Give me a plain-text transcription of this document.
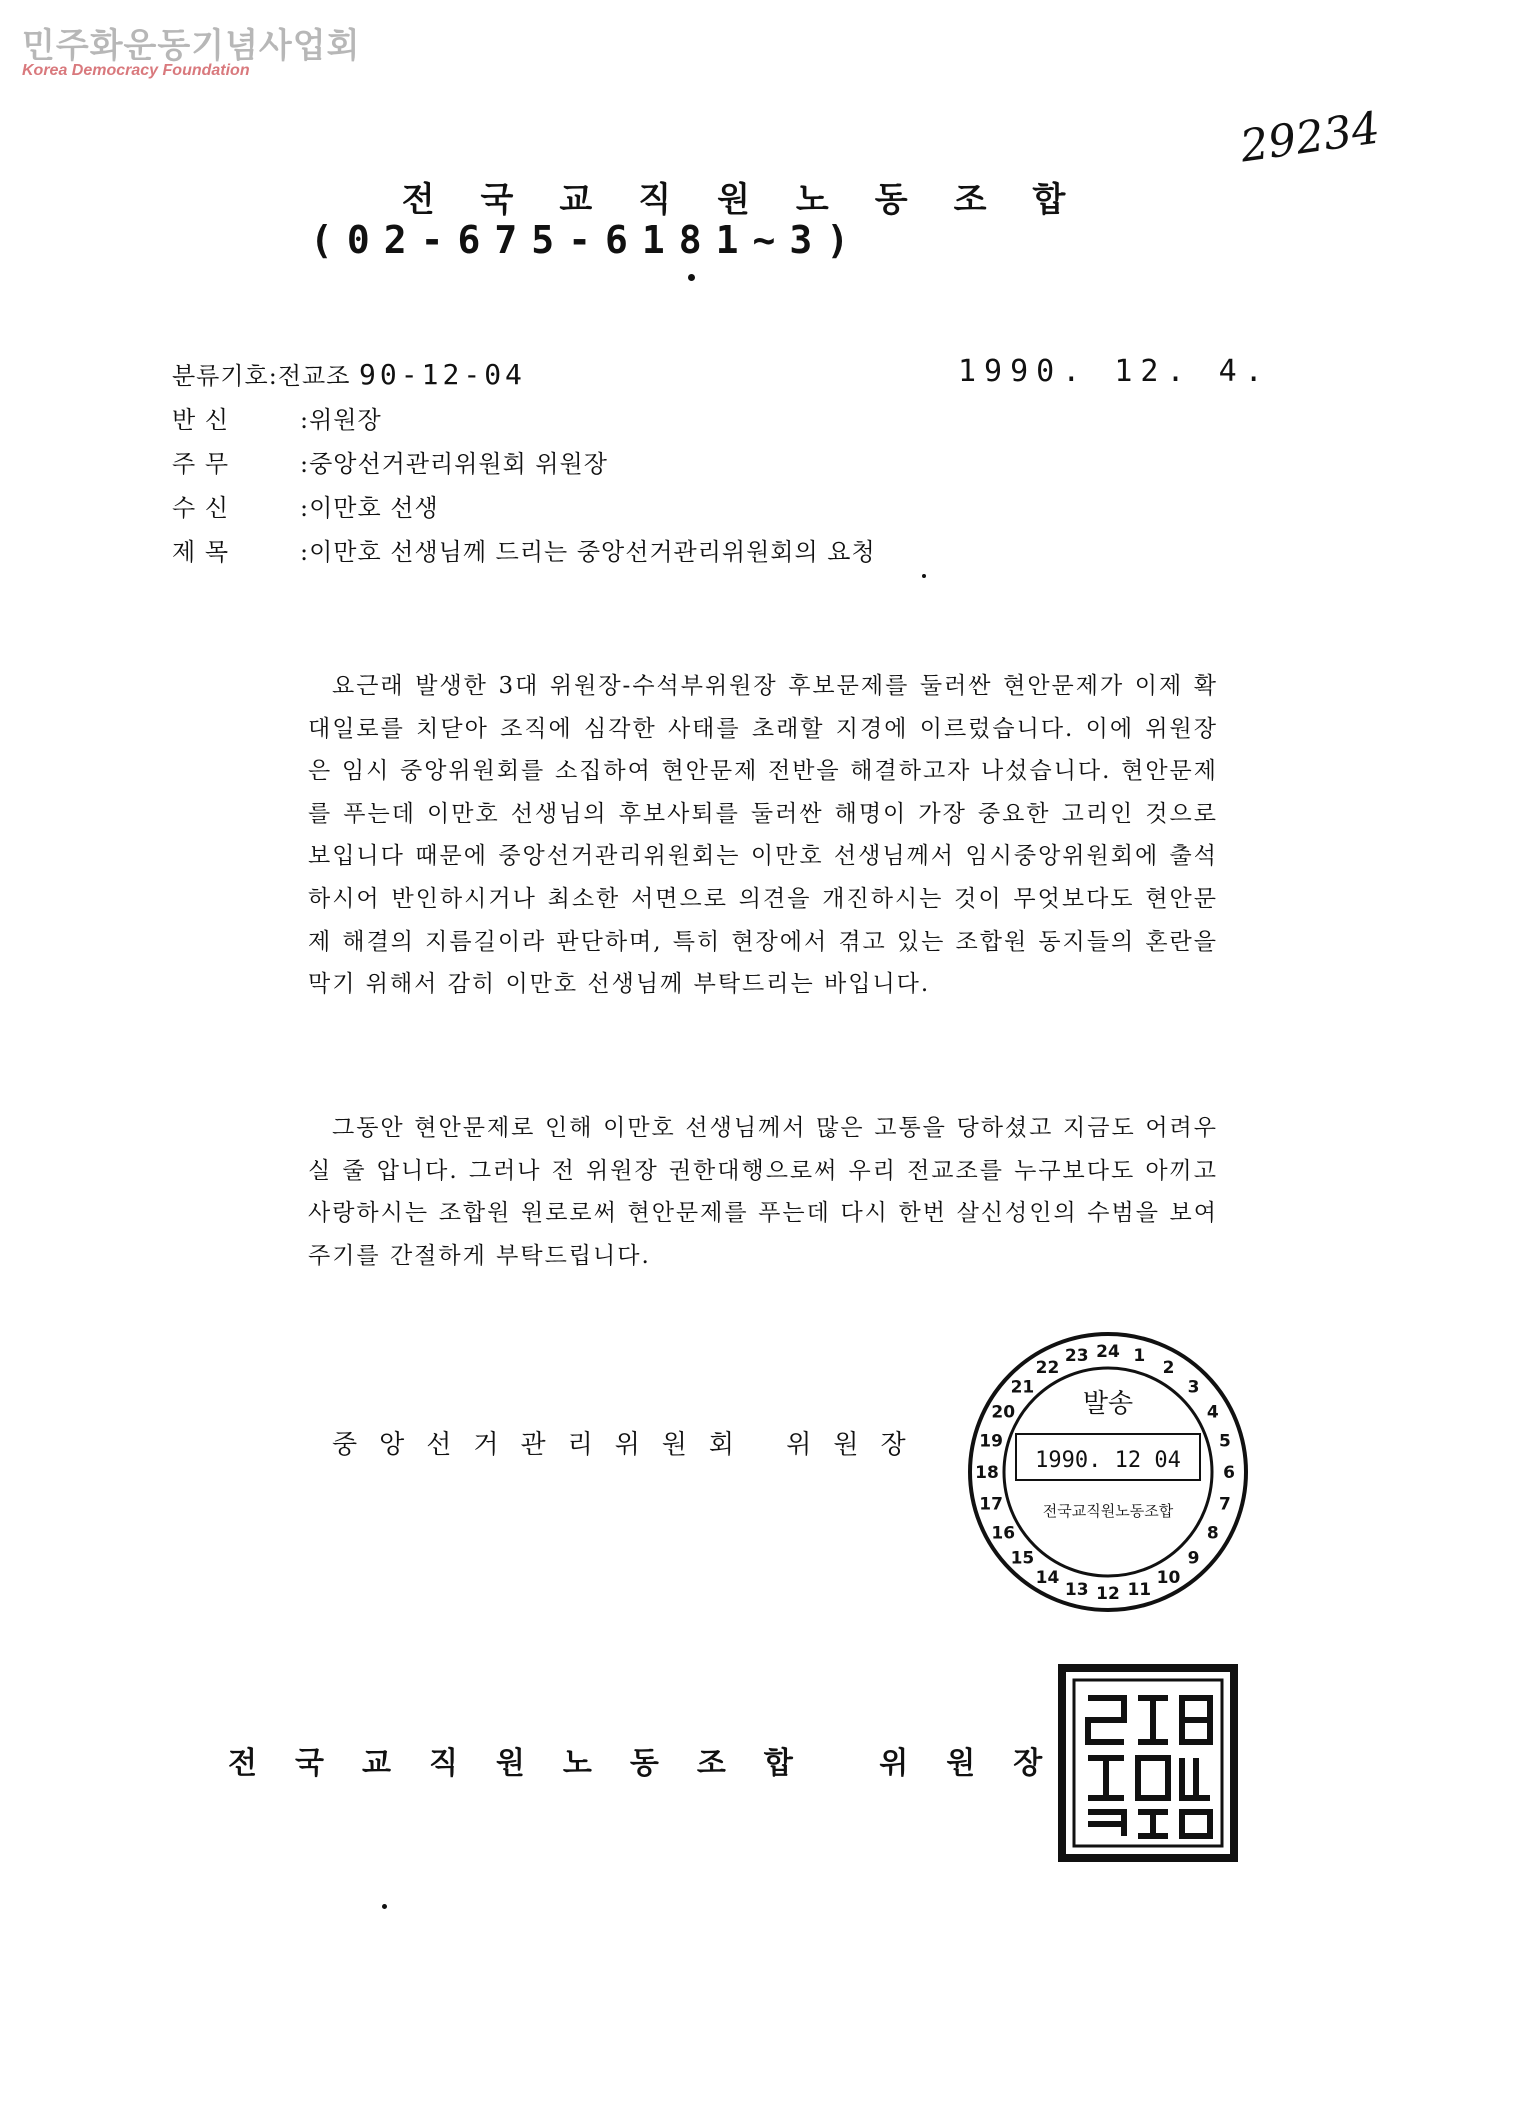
민주화운동기념사업회
Korea Democracy Foundation
29234
전국교직원노동조합
(02-675-6181~3)
분류기호:전교조 90-12-04	1990. 12. 4.
반 신	:위원장
주 무	:중앙선거관리위원회 위원장
수 신	:이만호 선생
제 목	:이만호 선생님께 드리는 중앙선거관리위원회의 요청

요근래 발생한 3대 위원장-수석부위원장 후보문제를 둘러싼 현안문제가 이제 확대일로를 치닫아 조직에 심각한 사태를 초래할 지경에 이르렀습니다. 이에 위원장은 임시 중앙위원회를 소집하여 현안문제 전반을 해결하고자 나섰습니다. 현안문제를 푸는데 이만호 선생님의 후보사퇴를 둘러싼 해명이 가장 중요한 고리인 것으로 보입니다 때문에 중앙선거관리위원회는 이만호 선생님께서 임시중앙위원회에 출석하시어 반인하시거나 최소한 서면으로 의견을 개진하시는 것이 무엇보다도 현안문제 해결의 지름길이라 판단하며, 특히 현장에서 겪고 있는 조합원 동지들의 혼란을 막기 위해서 감히 이만호 선생님께 부탁드리는 바입니다.

그동안 현안문제로 인해 이만호 선생님께서 많은 고통을 당하셨고 지금도 어려우실 줄 압니다. 그러나 전 위원장 권한대행으로써 우리 전교조를 누구보다도 아끼고 사랑하시는 조합원 원로로써 현안문제를 푸는데 다시 한번 살신성인의 수범을 보여주기를 간절하게 부탁드립니다.

중앙선거관리위원회 위원장
1
2
3
4
5
6
7
8
9
10
11
12
13
14
15
16
17
18
19
20
21
22
23 24
발송
1990. 12 04
전국교직원노동조합
전국교직원노동조합 위원장
